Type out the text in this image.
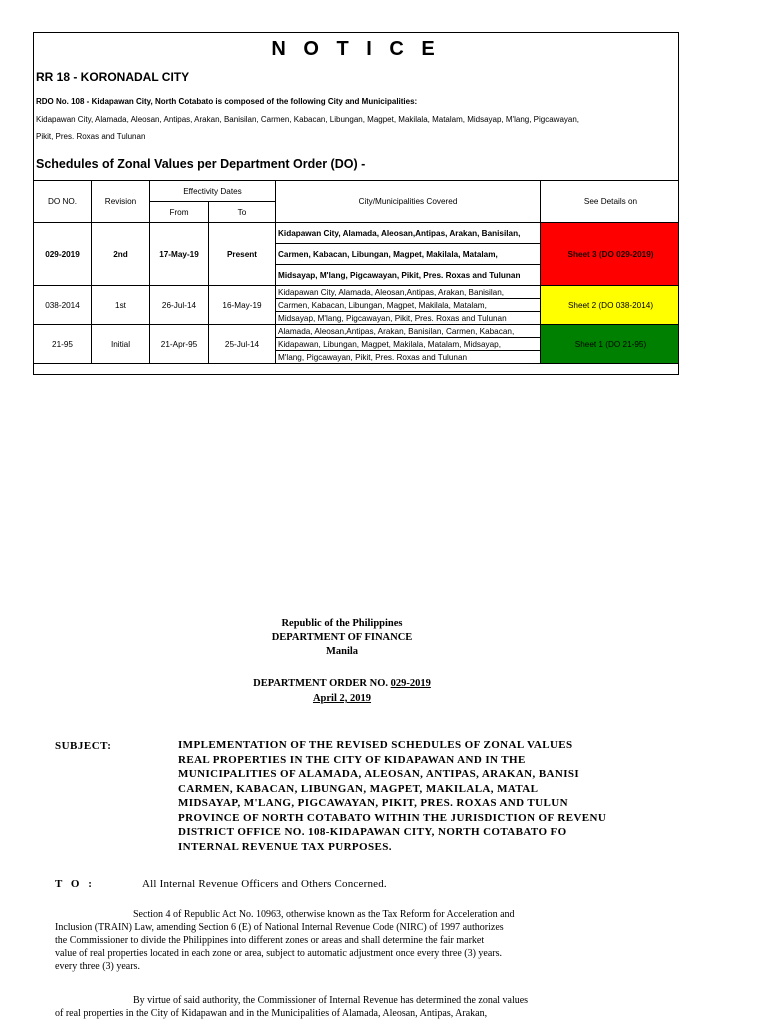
N O T I C E
RR 18 - KORONADAL CITY
RDO No. 108 - Kidapawan City, North Cotabato is composed of the following City and Municipalities:
Kidapawan City, Alamada, Aleosan, Antipas, Arakan, Banisilan, Carmen, Kabacan, Libungan, Magpet, Makilala, Matalam, Midsayap, M'lang, Pigcawayan,
Pikit, Pres. Roxas and Tulunan
Schedules of Zonal Values per Department Order (DO) -
DO NO.	Revision	Effectivity Dates		City/Municipalities Covered	See Details on
		From	To		
029-2019	2nd	17-May-19	Present	Kidapawan City, Alamada, Aleosan,Antipas, Arakan, Banisilan,	Sheet 3 (DO 029-2019)
				Carmen, Kabacan, Libungan, Magpet, Makilala, Matalam,	
				Midsayap, M'lang, Pigcawayan, Pikit, Pres. Roxas and Tulunan	
038-2014	1st	26-Jul-14	16-May-19	Kidapawan City, Alamada, Aleosan,Antipas, Arakan, Banisilan,	Sheet 2 (DO 038-2014)
				Carmen, Kabacan, Libungan, Magpet, Makilala, Matalam,	
				Midsayap, M'lang, Pigcawayan, Pikit, Pres. Roxas and Tulunan	
21-95	Initial	21-Apr-95	25-Jul-14	Alamada, Aleosan,Antipas, Arakan, Banisilan, Carmen, Kabacan,	Sheet 1 (DO 21-95)
				Kidapawan, Libungan, Magpet, Makilala, Matalam, Midsayap,	
				M'lang, Pigcawayan, Pikit, Pres. Roxas and Tulunan	
Republic of the Philippines
DEPARTMENT OF FINANCE
Manila
DEPARTMENT ORDER NO. 029-2019
April 2, 2019
SUBJECT:	IMPLEMENTATION OF THE REVISED SCHEDULES OF ZONAL VALUES
REAL PROPERTIES IN THE CITY OF KIDAPAWAN AND IN THE
MUNICIPALITIES OF ALAMADA, ALEOSAN, ANTIPAS, ARAKAN, BANISI
CARMEN, KABACAN, LIBUNGAN, MAGPET, MAKILALA, MATAL
MIDSAYAP, M'LANG, PIGCAWAYAN, PIKIT, PRES. ROXAS AND TULUN
PROVINCE OF NORTH COTABATO WITHIN THE JURISDICTION OF REVENU
DISTRICT OFFICE NO. 108-KIDAPAWAN CITY, NORTH COTABATO FO
INTERNAL REVENUE TAX PURPOSES.
T O :	All Internal Revenue Officers and Others Concerned.
Section 4 of Republic Act No. 10963, otherwise known as the Tax Reform for Acceleration and
Inclusion (TRAIN) Law, amending Section 6 (E) of National Internal Revenue Code (NIRC) of 1997 authorizes
the Commissioner to divide the Philippines into different zones or areas and shall determine the fair market
value of real properties located in each zone or area, subject to automatic adjustment once every three (3) years.
every three (3) years.
By virtue of said authority, the Commissioner of Internal Revenue has determined the zonal values
of real properties in the City of Kidapawan and in the Municipalities of Alamada, Aleosan, Antipas, Arakan,
